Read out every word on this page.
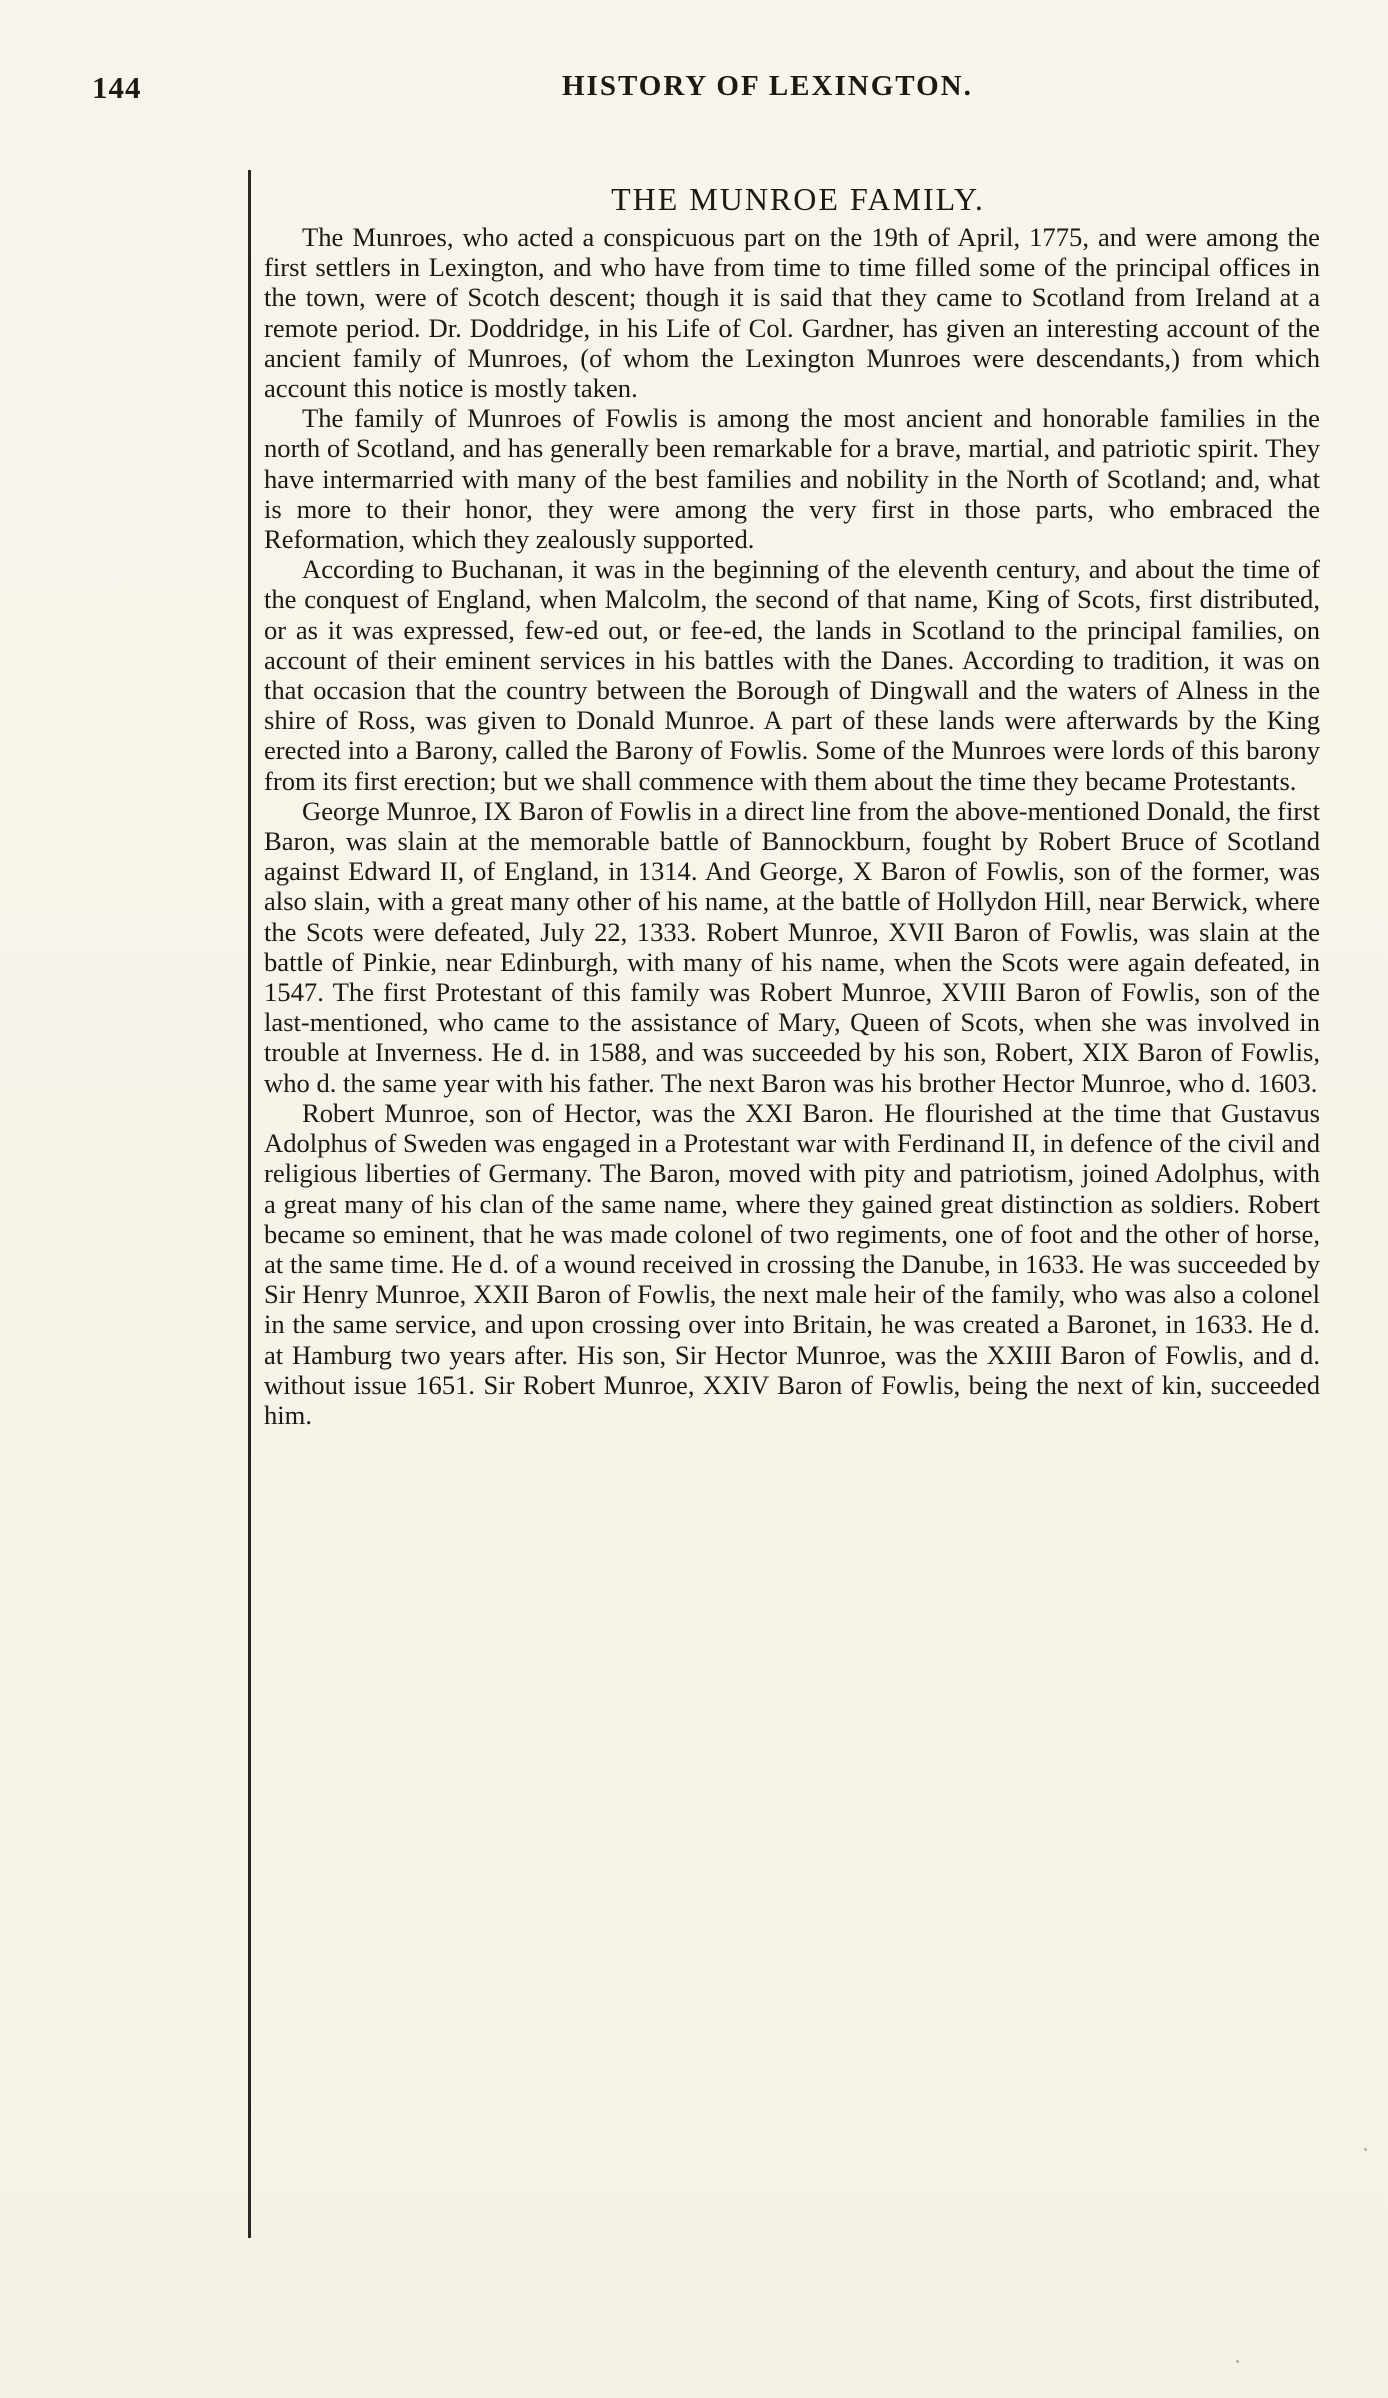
144	HISTORY OF LEXINGTON.
THE MUNROE FAMILY.

The Munroes, who acted a conspicuous part on the 19th of April, 1775, and were among the first settlers in Lexington, and who have from time to time filled some of the principal offices in the town, were of Scotch descent; though it is said that they came to Scotland from Ireland at a remote period. Dr. Doddridge, in his Life of Col. Gardner, has given an interesting account of the ancient family of Munroes, (of whom the Lexington Munroes were descendants,) from which account this notice is mostly taken.

The family of Munroes of Fowlis is among the most ancient and honorable families in the north of Scotland, and has generally been remarkable for a brave, martial, and patriotic spirit. They have intermarried with many of the best families and nobility in the North of Scotland; and, what is more to their honor, they were among the very first in those parts, who embraced the Reformation, which they zealously supported.

According to Buchanan, it was in the beginning of the eleventh century, and about the time of the conquest of England, when Malcolm, the second of that name, King of Scots, first distributed, or as it was expressed, few-ed out, or fee-ed, the lands in Scotland to the principal families, on account of their eminent services in his battles with the Danes. According to tradition, it was on that occasion that the country between the Borough of Dingwall and the waters of Alness in the shire of Ross, was given to Donald Munroe. A part of these lands were afterwards by the King erected into a Barony, called the Barony of Fowlis. Some of the Munroes were lords of this barony from its first erection; but we shall commence with them about the time they became Protestants.

George Munroe, IX Baron of Fowlis in a direct line from the above-mentioned Donald, the first Baron, was slain at the memorable battle of Bannockburn, fought by Robert Bruce of Scotland against Edward II, of England, in 1314. And George, X Baron of Fowlis, son of the former, was also slain, with a great many other of his name, at the battle of Hollydon Hill, near Berwick, where the Scots were defeated, July 22, 1333. Robert Munroe, XVII Baron of Fowlis, was slain at the battle of Pinkie, near Edinburgh, with many of his name, when the Scots were again defeated, in 1547. The first Protestant of this family was Robert Munroe, XVIII Baron of Fowlis, son of the last-mentioned, who came to the assistance of Mary, Queen of Scots, when she was involved in trouble at Inverness. He d. in 1588, and was succeeded by his son, Robert, XIX Baron of Fowlis, who d. the same year with his father. The next Baron was his brother Hector Munroe, who d. 1603.

Robert Munroe, son of Hector, was the XXI Baron. He flourished at the time that Gustavus Adolphus of Sweden was engaged in a Protestant war with Ferdinand II, in defence of the civil and religious liberties of Germany. The Baron, moved with pity and patriotism, joined Adolphus, with a great many of his clan of the same name, where they gained great distinction as soldiers. Robert became so eminent, that he was made colonel of two regiments, one of foot and the other of horse, at the same time. He d. of a wound received in crossing the Danube, in 1633. He was succeeded by Sir Henry Munroe, XXII Baron of Fowlis, the next male heir of the family, who was also a colonel in the same service, and upon crossing over into Britain, he was created a Baronet, in 1633. He d. at Hamburg two years after. His son, Sir Hector Munroe, was the XXIII Baron of Fowlis, and d. without issue 1651. Sir Robert Munroe, XXIV Baron of Fowlis, being the next of kin, succeeded him.
